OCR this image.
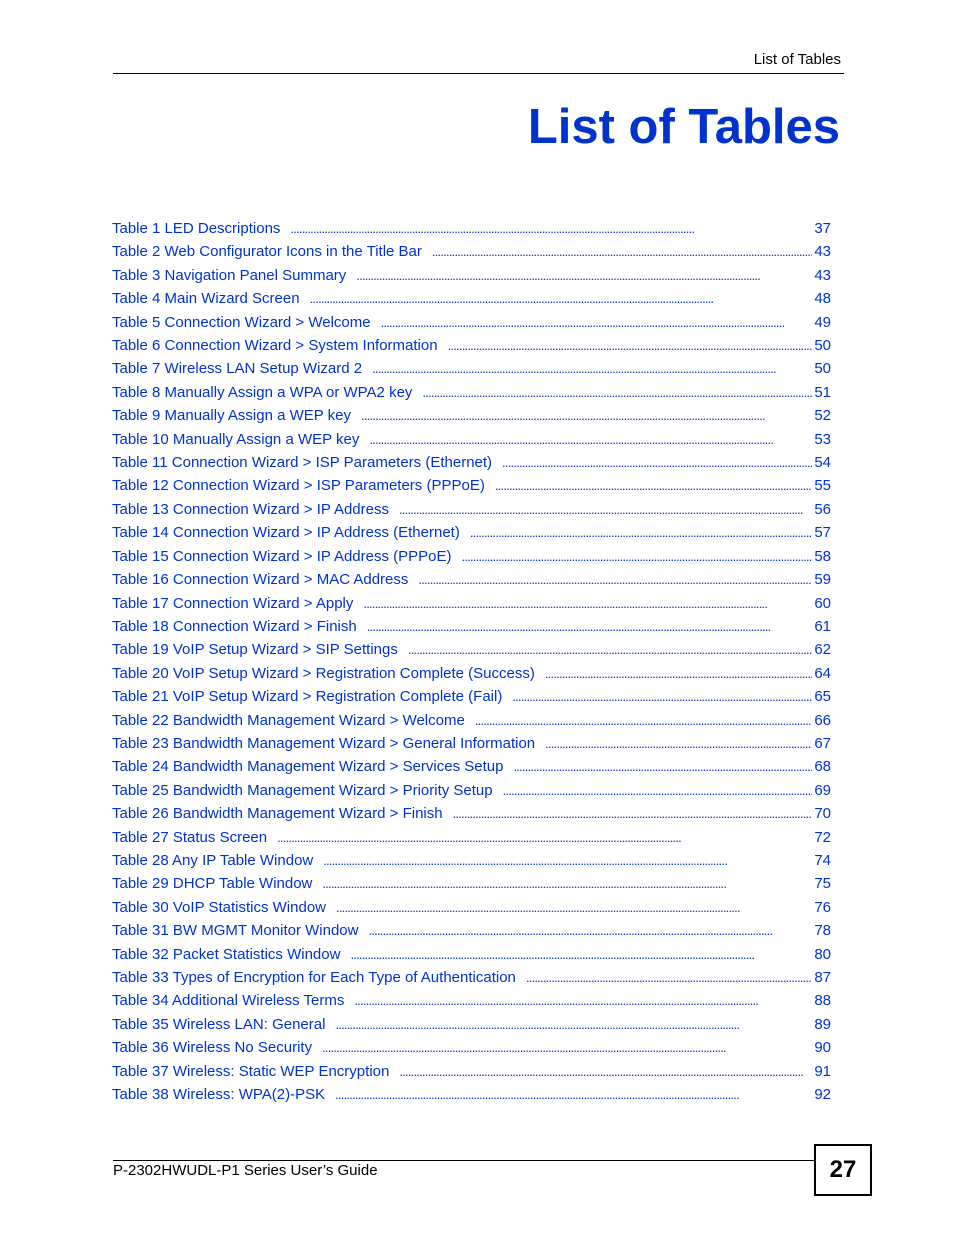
List of Tables
List of Tables
Table 1 LED Descriptions . . .	37
Table 2 Web Configurator Icons in the Title Bar . . .	43
Table 3 Navigation Panel Summary . . .	43
Table 4 Main Wizard Screen . . .	48
Table 5 Connection Wizard > Welcome . . .	49
Table 6 Connection Wizard > System Information . . .	50
Table 7 Wireless LAN Setup Wizard 2 . . .	50
Table 8 Manually Assign a WPA or WPA2 key . . .	51
Table 9 Manually Assign a WEP key . . .	52
Table 10 Manually Assign a WEP key . . .	53
Table 11 Connection Wizard > ISP Parameters (Ethernet) . . .	54
Table 12 Connection Wizard > ISP Parameters (PPPoE) . . .	55
Table 13 Connection Wizard > IP Address . . .	56
Table 14 Connection Wizard > IP Address (Ethernet) . . .	57
Table 15 Connection Wizard > IP Address (PPPoE) . . .	58
Table 16 Connection Wizard > MAC Address . . .	59
Table 17 Connection Wizard > Apply . . .	60
Table 18 Connection Wizard > Finish . . .	61
Table 19 VoIP Setup Wizard > SIP Settings . . .	62
Table 20 VoIP Setup Wizard > Registration Complete (Success) . . .	64
Table 21 VoIP Setup Wizard > Registration Complete (Fail) . . .	65
Table 22 Bandwidth Management Wizard > Welcome . . .	66
Table 23 Bandwidth Management Wizard > General Information . . .	67
Table 24 Bandwidth Management Wizard > Services Setup . . .	68
Table 25 Bandwidth Management Wizard > Priority Setup . . .	69
Table 26 Bandwidth Management Wizard > Finish . . .	70
Table 27 Status Screen . . .	72
Table 28 Any IP Table Window . . .	74
Table 29 DHCP Table Window . . .	75
Table 30 VoIP Statistics Window . . .	76
Table 31 BW MGMT Monitor Window . . .	78
Table 32 Packet Statistics Window . . .	80
Table 33 Types of Encryption for Each Type of Authentication . . .	87
Table 34 Additional Wireless Terms . . .	88
Table 35 Wireless LAN: General . . .	89
Table 36 Wireless No Security . . .	90
Table 37 Wireless: Static WEP Encryption . . .	91
Table 38 Wireless: WPA(2)-PSK . . .	92
P-2302HWUDL-P1 Series User’s Guide	27
